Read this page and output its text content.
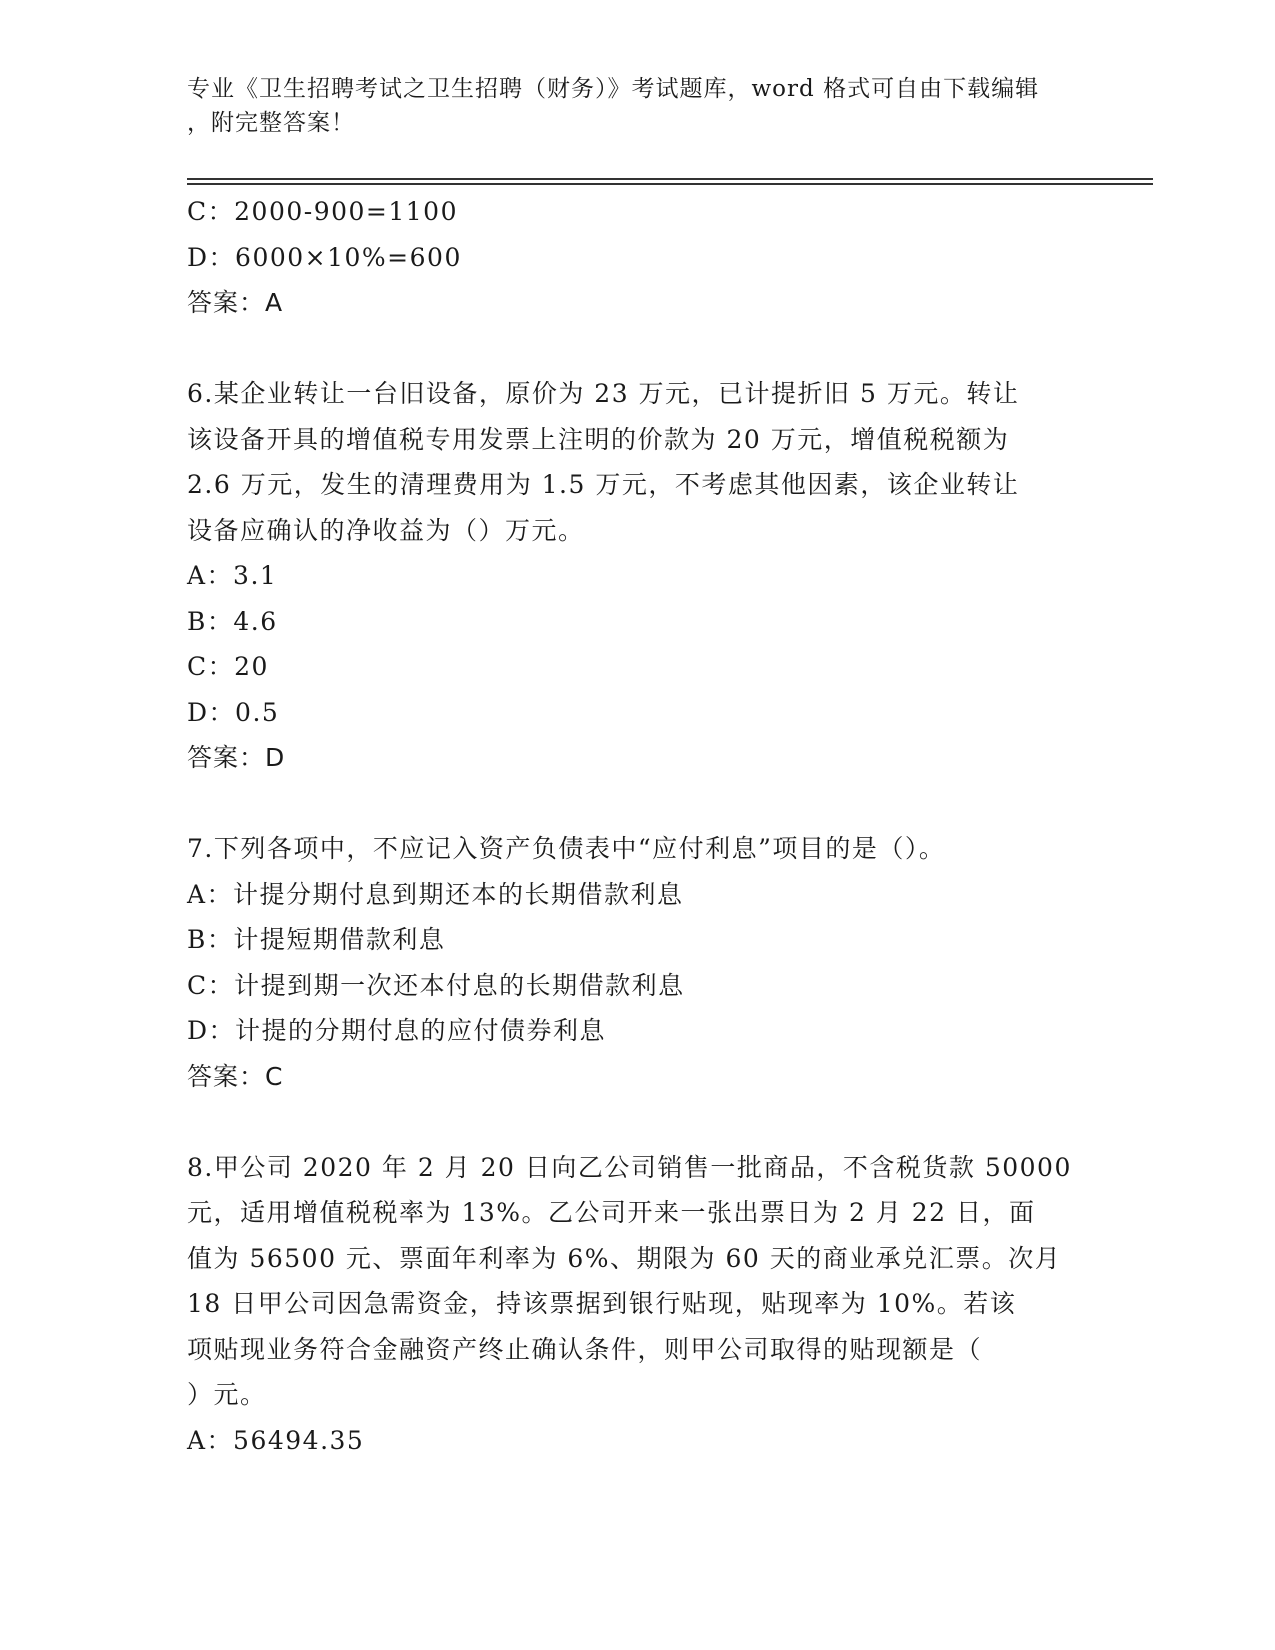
专业《卫生招聘考试之卫生招聘（财务）》考试题库，word 格式可自由下载编辑
，附完整答案！
C：2000-900=1100
D：6000×10%=600
答案：A
6.某企业转让一台旧设备，原价为 23 万元，已计提折旧 5 万元。转让
该设备开具的增值税专用发票上注明的价款为 20 万元，增值税税额为
2.6 万元，发生的清理费用为 1.5 万元，不考虑其他因素，该企业转让
设备应确认的净收益为（）万元。
A：3.1
B：4.6
C：20
D：0.5
答案：D
7.下列各项中，不应记入资产负债表中“应付利息”项目的是（）。
A：计提分期付息到期还本的长期借款利息
B：计提短期借款利息
C：计提到期一次还本付息的长期借款利息
D：计提的分期付息的应付债券利息
答案：C
8.甲公司 2020 年 2 月 20 日向乙公司销售一批商品，不含税货款 50000
元，适用增值税税率为 13%。乙公司开来一张出票日为 2 月 22 日，面
值为 56500 元、票面年利率为 6%、期限为 60 天的商业承兑汇票。次月
18 日甲公司因急需资金，持该票据到银行贴现，贴现率为 10%。若该
项贴现业务符合金融资产终止确认条件，则甲公司取得的贴现额是（
）元。
A：56494.35
